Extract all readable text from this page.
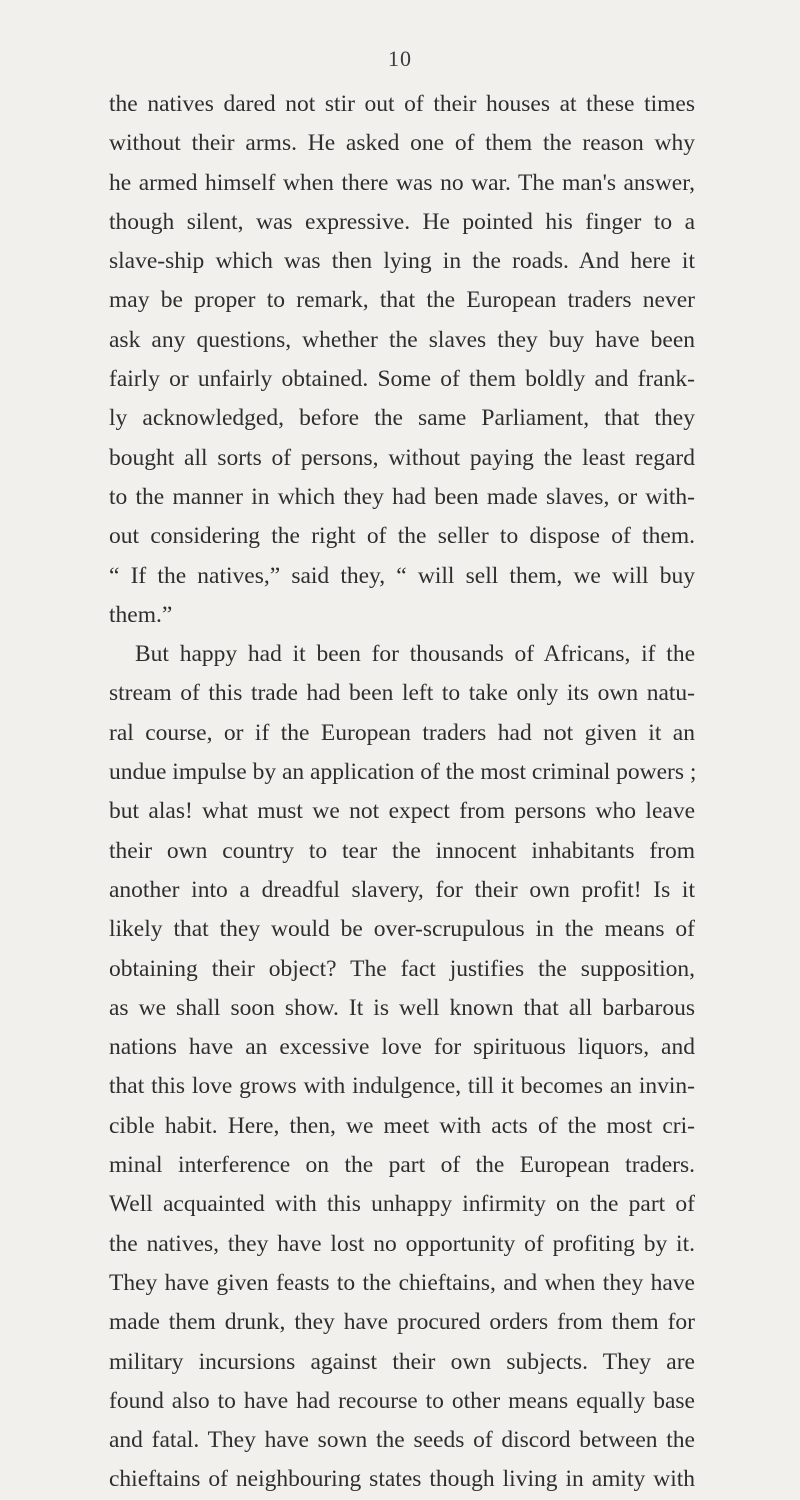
10
the natives dared not stir out of their houses at these times
without their arms. He asked one of them the reason why
he armed himself when there was no war. The man's answer,
though silent, was expressive. He pointed his finger to a
slave-ship which was then lying in the roads. And here it
may be proper to remark, that the European traders never
ask any questions, whether the slaves they buy have been
fairly or unfairly obtained. Some of them boldly and frank-
ly acknowledged, before the same Parliament, that they
bought all sorts of persons, without paying the least regard
to the manner in which they had been made slaves, or with-
out considering the right of the seller to dispose of them.
“ If the natives,” said they, “ will sell them, we will buy
them.”
But happy had it been for thousands of Africans, if the
stream of this trade had been left to take only its own natu-
ral course, or if the European traders had not given it an
undue impulse by an application of the most criminal powers ;
but alas! what must we not expect from persons who leave
their own country to tear the innocent inhabitants from
another into a dreadful slavery, for their own profit! Is it
likely that they would be over-scrupulous in the means of
obtaining their object? The fact justifies the supposition,
as we shall soon show. It is well known that all barbarous
nations have an excessive love for spirituous liquors, and
that this love grows with indulgence, till it becomes an invin-
cible habit. Here, then, we meet with acts of the most cri-
minal interference on the part of the European traders.
Well acquainted with this unhappy infirmity on the part of
the natives, they have lost no opportunity of profiting by it.
They have given feasts to the chieftains, and when they have
made them drunk, they have procured orders from them for
military incursions against their own subjects. They are
found also to have had recourse to other means equally base
and fatal. They have sown the seeds of discord between the
chieftains of neighbouring states though living in amity with
